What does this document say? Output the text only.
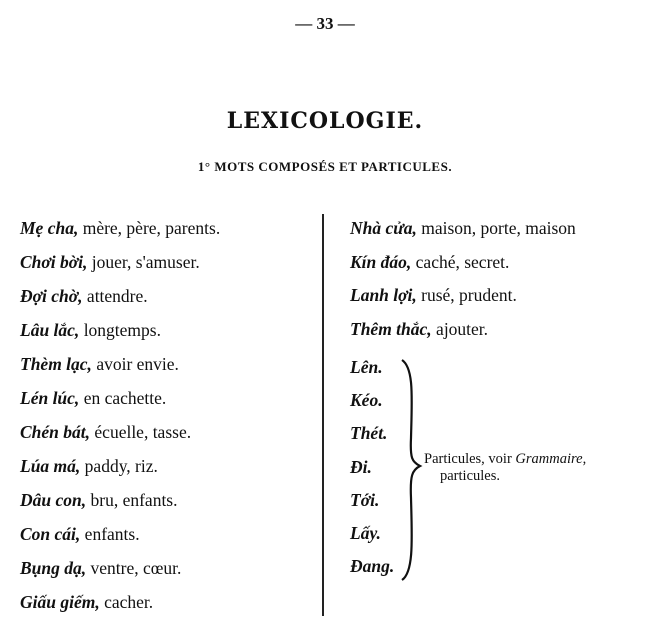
— 33 —
LEXICOLOGIE.
1° MOTS COMPOSÉS ET PARTICULES.
Mẹ cha, mère, père, parents.
Chơi bời, jouer, s'amuser.
Đợi chờ, attendre.
Lâu lắc, longtemps.
Thèm lạc, avoir envie.
Lén lúc, en cachette.
Chén bát, écuelle, tasse.
Lúa má, paddy, riz.
Dâu con, bru, enfants.
Con cái, enfants.
Bụng dạ, ventre, cœur.
Giấu giếm, cacher.
Nhà cửa, maison, porte, maison
Kín đáo, caché, secret.
Lanh lợi, rusé, prudent.
Thêm thắc, ajouter.
Lên.
Kéo.
Thét.
Đi.
Tới.
Lấy.
Đang.
Particules, voir Grammaire,
particules.
